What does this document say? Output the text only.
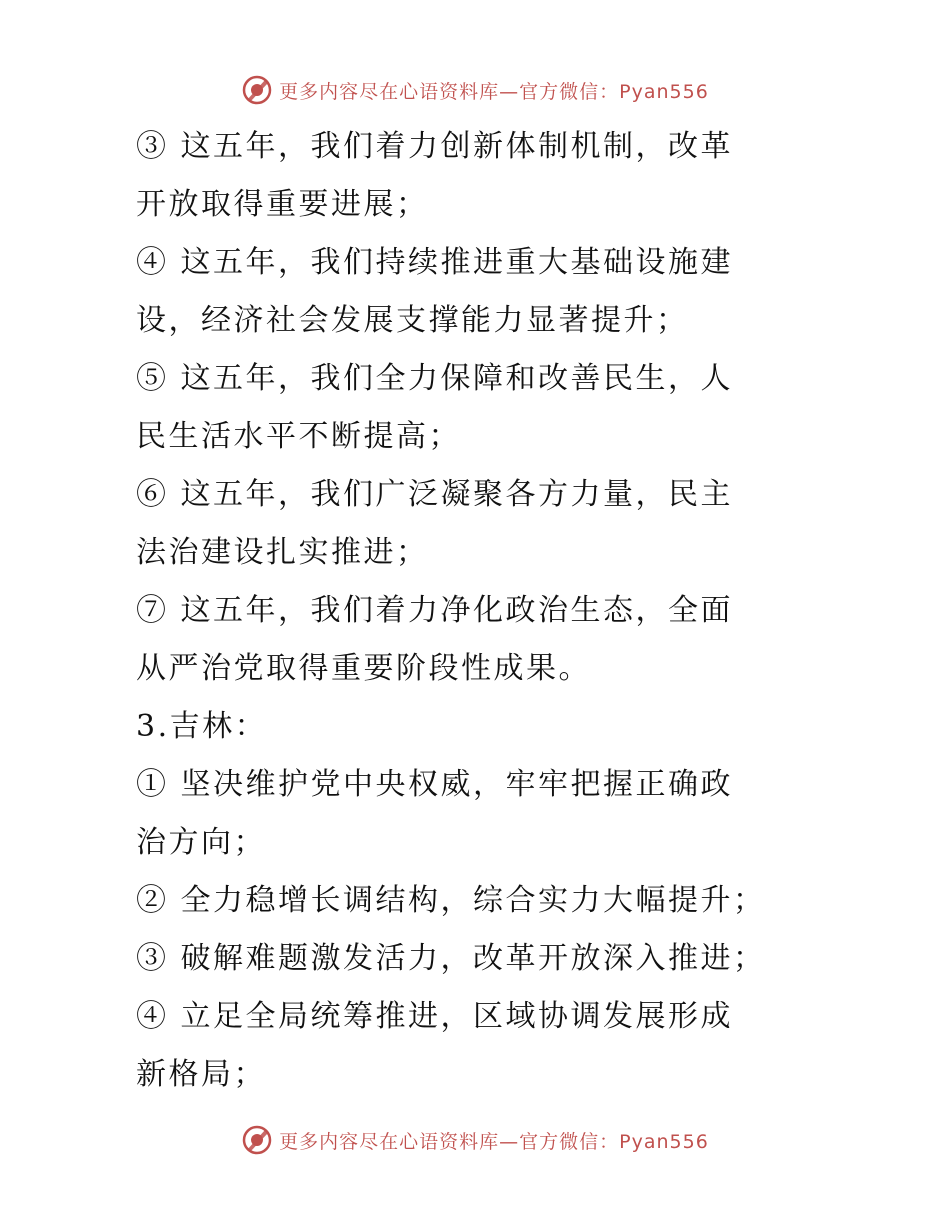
更多内容尽在心语资料库—官方微信：Pyan556
③ 这五年，我们着力创新体制机制，改革
开放取得重要进展；
④ 这五年，我们持续推进重大基础设施建
设，经济社会发展支撑能力显著提升；
⑤ 这五年，我们全力保障和改善民生，人
民生活水平不断提高；
⑥ 这五年，我们广泛凝聚各方力量，民主
法治建设扎实推进；
⑦ 这五年，我们着力净化政治生态，全面
从严治党取得重要阶段性成果。
3.吉林：
① 坚决维护党中央权威，牢牢把握正确政
治方向；
② 全力稳增长调结构，综合实力大幅提升；
③ 破解难题激发活力，改革开放深入推进；
④ 立足全局统筹推进，区域协调发展形成
新格局；
更多内容尽在心语资料库—官方微信：Pyan556
